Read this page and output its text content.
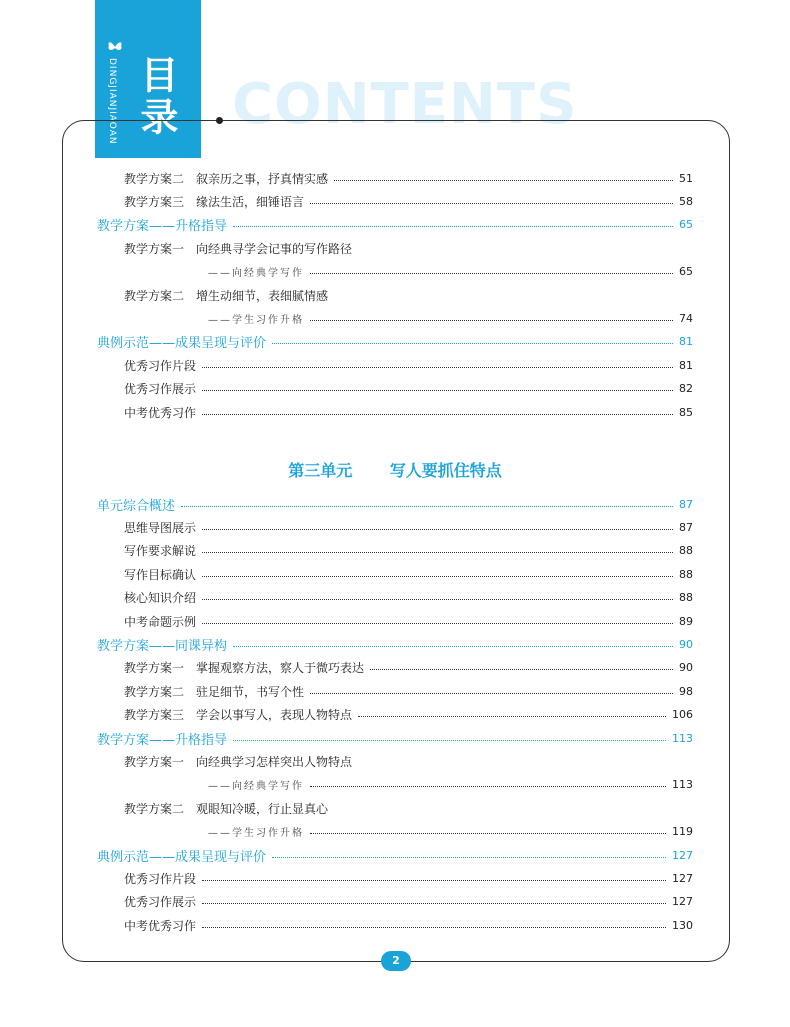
DINGJIANJIAOAN 目录 CONTENTS
第三单元 写人要抓住特点
教学方案二　叙亲历之事，抒真情实感	51
教学方案三　缘法生活，细锤语言	58
教学方案——升格指导	65
教学方案一　向经典寻学会记事的写作路径
——向经典学写作	65
教学方案二　增生动细节，表细腻情感
——学生习作升格	74
典例示范——成果呈现与评价	81
优秀习作片段	81
优秀习作展示	82
中考优秀习作	85
单元综合概述	87
思维导图展示	87
写作要求解说	88
写作目标确认	88
核心知识介绍	88
中考命题示例	89
教学方案——同课异构	90
教学方案一　掌握观察方法，察人于微巧表达	90
教学方案二　驻足细节，书写个性	98
教学方案三　学会以事写人，表现人物特点	106
教学方案——升格指导	113
教学方案一　向经典学习怎样突出人物特点
——向经典学写作	113
教学方案二　观眼知冷暖，行止显真心
——学生习作升格	119
典例示范——成果呈现与评价	127
优秀习作片段	127
优秀习作展示	127
中考优秀习作	130
2
